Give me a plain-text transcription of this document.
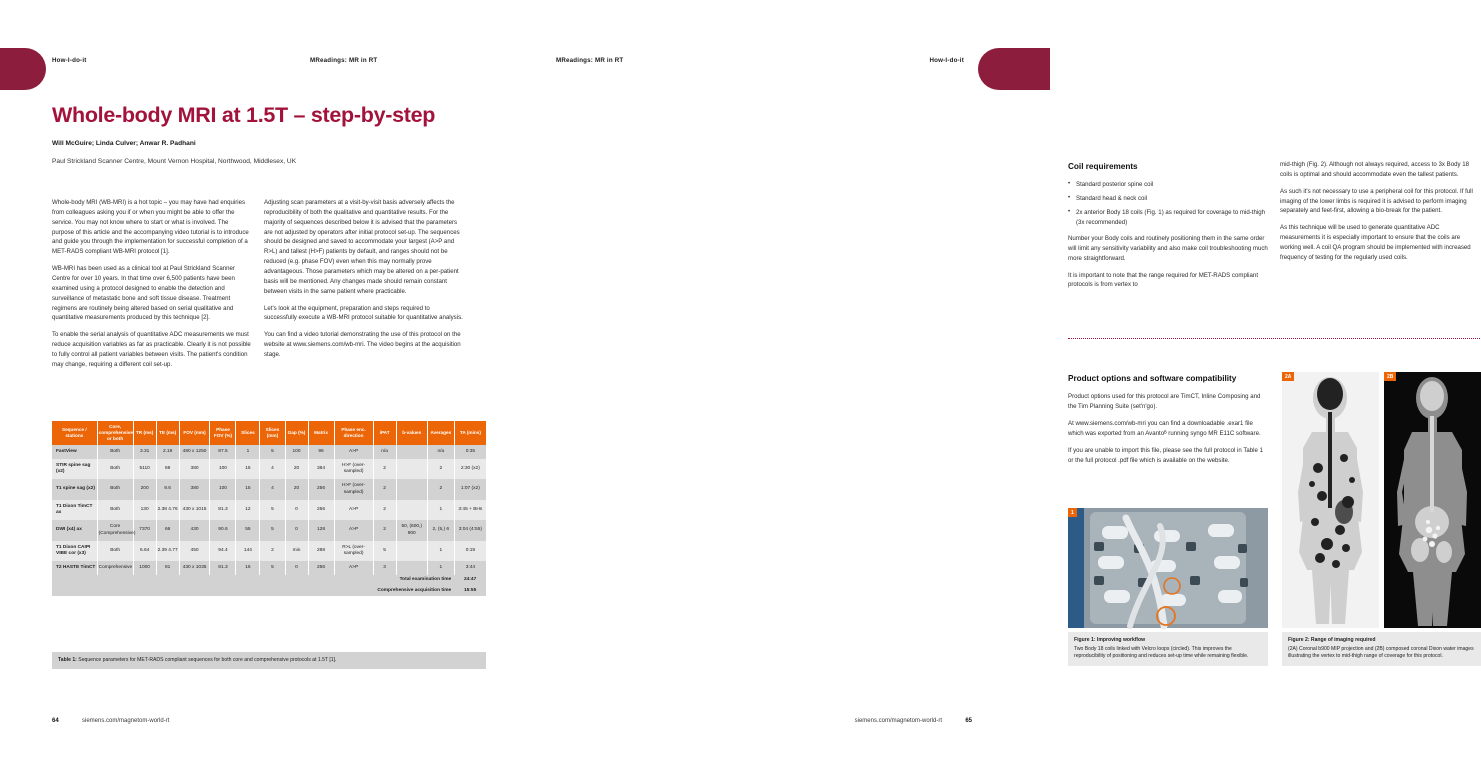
How-I-do-it	MReadings: MR in RT	MReadings: MR in RT	How-I-do-it
Whole-body MRI at 1.5T – step-by-step
Will McGuire; Linda Culver; Anwar R. Padhani
Paul Strickland Scanner Centre, Mount Vernon Hospital, Northwood, Middlesex, UK

Whole-body MRI (WB-MRI) is a hot topic – you may have had enquiries from colleagues asking you if or when you might be able to offer the service. You may not know where to start or what is involved. The purpose of this article and the accompanying video tutorial is to introduce and guide you through the implementation for successful completion of a MET-RADS compliant WB-MRI protocol [1].

WB-MRI has been used as a clinical tool at Paul Strickland Scanner Centre for over 10 years. In that time over 6,500 patients have been examined using a protocol designed to enable the detection and surveillance of metastatic bone and soft tissue disease. Treatment regimens are routinely being altered based on serial qualitative and quantitative measurements produced by this technique [2].

To enable the serial analysis of quantitative ADC measurements we must reduce acquisition variables as far as practicable. Clearly it is not possible to fully control all patient variables between visits. The patient's condition may change, requiring a different coil set-up.

Adjusting scan parameters at a visit-by-visit basis adversely affects the reproducibility of both the qualitative and quantitative results. For the majority of sequences described below it is advised that the parameters are not adjusted by operators after initial protocol set-up. The sequences should be designed and saved to accommodate your largest (A>P and R>L) and tallest (H>F) patients by default, and ranges should not be reduced (e.g. phase FOV) even when this may normally prove advantageous. Those parameters which may be altered on a per-patient basis will be mentioned. Any changes made should remain constant between visits in the same patient where practicable.

Let's look at the equipment, preparation and steps required to successfully execute a WB-MRI protocol suitable for quantitative analysis.

You can find a video tutorial demonstrating the use of this protocol on the website at www.siemens.com/wb-mri. The video begins at the acquisition stage.

Sequence / stations	Core, comprehensive or both	TR (ms)	TE (ms)	FOV (mm)	Phase FOV (%)	Slices	Slices (mm)	Gap (%)	Matrix	Phase enc. direction	iPAT	b-values	Averages	TA (mins)
FastView	Both	3.31	2.19	480 x 1250	87.5	1	5	100	96	A>P	n/a		n/a	0:35
STIR spine sag (x2)	Both	5110	69	380	100	15	4	20	384	H>F (over-sampled)	2		2	2:30 (x2)
T1 spine sag (x2)	Both	200	9.6	380	100	15	4	20	256	H>F (over-sampled)	2		2	1:07 (x2)
T1 Dixon TimCT ax	Both	130	2.38 4.76	430 x 1015	81.3	12	5	0	256	A>P	2		1	3:45 + BHs
DWI (x4) ax	Core (Comprehensive)	7370	66	430	90.6	55	5	0	128	A>P	2	50, (600,) 900	2, (5,) 6	3:04 (4:55)
T1 Dixon CAIPI VIBE cor (x3)	Both	6.64	2.39 4.77	450	94.4	144	2	min	288	R>L (over-sampled)	5		1	0:19
T2 HASTE TimCT	Comprehensive	1000	81	430 x 1035	81.3	16	5	0	256	A>P	3		1	3:44
Total examination time														24:47
Comprehensive acquisition time														15:55
Table 1: Sequence parameters for MET-RADS compliant sequences for both core and comprehensive protocols at 1.5T [1].
64	siemens.com/magnetom-world-rt
Coil requirements
• Standard posterior spine coil
• Standard head & neck coil
• 2x anterior Body 18 coils (Fig. 1) as required for coverage to mid-thigh (3x recommended)

Number your Body coils and routinely positioning them in the same order will limit any sensitivity variability and also make coil troubleshooting much more straightforward.

It is important to note that the range required for MET-RADS compliant protocols is from vertex to

mid-thigh (Fig. 2). Although not always required, access to 3x Body 18 coils is optimal and should accommodate even the tallest patients.

As such it's not necessary to use a peripheral coil for this protocol. If full imaging of the lower limbs is required it is advised to perform imaging separately and feet-first, allowing a bio-break for the patient.

As this technique will be used to generate quantitative ADC measurements it is especially important to ensure that the coils are working well. A coil QA program should be implemented with increased frequency of testing for the regularly used coils.

Product options and software compatibility

Product options used for this protocol are TimCT, Inline Composing and the Tim Planning Suite (set'n'go).

At www.siemens.com/wb-mri you can find a downloadable .exar1 file which was exported from an Avantoᴮ running syngo MR E11C software.

If you are unable to import this file, please see the full protocol in Table 1 or the full protocol .pdf file which is available on the website.

1
2A	2B
Figure 1: Improving workflow
Two Body 18 coils linked with Velcro loops (circled). This improves the reproducibility of positioning and reduces set-up time while remaining flexible.
Figure 2: Range of imaging required
(2A) Coronal b900 MIP projection and (2B) composed coronal Dixon water images illustrating the vertex to mid-thigh range of coverage for this protocol.
siemens.com/magnetom-world-rt	65
